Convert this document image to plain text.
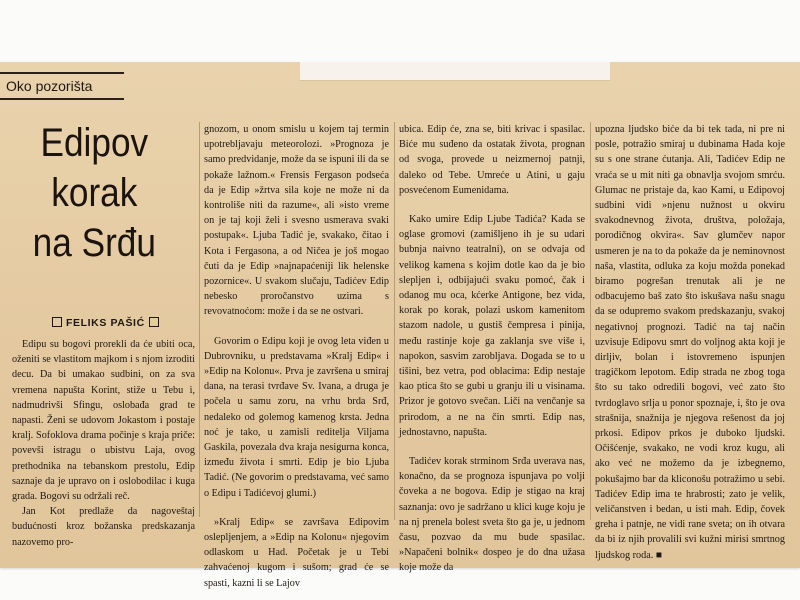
Oko pozorišta
Edipov
korak
na Srđu
FELIKS PAŠIĆ

Edipu su bogovi prorekli da će ubiti oca, oženiti se vlastitom majkom i s njom izroditi decu. Da bi umakao sudbini, on za sva vremena napušta Korint, stiže u Tebu i, nadmudrivši Sfingu, oslobađa grad te napasti. Ženi se udovom Jokastom i postaje kralj. Sofoklova drama počinje s kraja priče: povevši istragu o ubistvu Laja, ovog prethodnika na tebanskom prestolu, Edip saznaje da je upravo on i oslobodilac i kuga grada. Bogovi su održali reč.

Jan Kot predlaže da nagoveštaj budućnosti kroz božanska predskazanja nazovemo pro-

gnozom, u onom smislu u kojem taj termin upotrebljavaju meteorolozi. »Prognoza je samo predvidanje, može da se ispuni ili da se pokaže lažnom.« Frensis Fergason podseća da je Edip »žrtva sila koje ne može ni da kontroliše niti da razume«, ali »isto vreme on je taj koji želi i svesno usmerava svaki postupak«. Ljuba Tadić je, svakako, čitao i Kota i Fergasona, a od Ničea je još mogao čuti da je Edip »najnapaćeniji lik helenske pozornice«. U svakom slučaju, Tadićev Edip nebesko proročanstvo uzima s revovatnoćom: može i da se ne ostvari.

Govorim o Edipu koji je ovog leta viđen u Dubrovniku, u predstavama »Kralj Edip« i »Edip na Kolonu«. Prva je završena u smiraj dana, na terasi tvrđave Sv. Ivana, a druga je počela u samu zoru, na vrhu brda Srđ, nedaleko od golemog kamenog krsta. Jedna noć je tako, u zamisli reditelja Viljama Gaskila, povezala dva kraja nesigurna konca, između života i smrti. Edip je bio Ljuba Tadić. (Ne govorim o predstavama, već samo o Edipu i Tadićevoj glumi.)

»Kralj Edip« se završava Edipovim oslepljenjem, a »Edip na Kolonu« njegovim odlaskom u Had. Početak je u Tebi zahvaćenoj kugom i sušom; grad će se spasti, kazni li se Lajov

ubica. Edip će, zna se, biti krivac i spasilac. Biće mu suđeno da ostatak života, prognan od svoga, provede u neizmernoj patnji, daleko od Tebe. Umreće u Atini, u gaju posvećenom Eumenidama.

Kako umire Edip Ljube Tadića? Kada se oglase gromovi (zamišljeno ih je su udari bubnja naivno teatralni), on se odvaja od velikog kamena s kojim dotle kao da je bio slepljen i, odbijajući svaku pomoć, čak i odanog mu oca, kćerke Antigone, bez vida, korak po korak, polazi uskom kamenitom stazom nadole, u gustiš čempresa i pinija, među rastinje koje ga zaklanja sve više i, napokon, sasvim zarobljava. Dogada se to u tišini, bez vetra, pod oblacima: Edip nestaje kao ptica što se gubi u granju ili u visinama. Prizor je gotovo svečan. Liči na venčanje sa prirodom, a ne na čin smrti. Edip nas, jednostavno, napušta.

Tadićev korak strminom Srđa uverava nas, konačno, da se prognoza ispunjava po volji čoveka a ne bogova. Edip je stigao na kraj saznanja: ovo je sadržano u klici kuge koju je na nj prenela bolest sveta što ga je, u jednom času, pozvao da mu bude spasilac. »Napačeni bolnik« dospeo je do dna užasa koje može da

upozna ljudsko biće da bi tek tada, ni pre ni posle, potražio smiraj u dubinama Hada koje su s one strane ćutanja. Ali, Tadićev Edip ne vraća se u mit niti ga obnavlja svojom smrću. Glumac ne pristaje da, kao Kami, u Edipovoj sudbini vidi »njenu nužnost u okviru svakodnevnog života, društva, položaja, porodičnog okvira«. Sav glumčev napor usmeren je na to da pokaže da je neminovnost naša, vlastita, odluka za koju možda ponekad biramo pogrešan trenutak ali je ne odbacujemo baš zato što iskušava našu snagu da se odupremo svakom predskazanju, svakoj negativnoj prognozi. Tadić na taj način uzvisuje Edipovu smrt do voljnog akta koji je dirljiv, bolan i istovremeno ispunjen tragičkom lepotom. Edip strada ne zbog toga što su tako odredili bogovi, već zato što tvrdoglavo srlja u ponor spoznaje, i, što je ova strašnija, snažnija je njegova rešenost da joj prkosi. Edipov prkos je duboko ljudski. Očišćenje, svakako, ne vodi kroz kugu, ali ako već ne možemo da je izbegnemo, pokušajmo bar da kliconošu potražimo u sebi. Tadićev Edip ima te hrabrosti; zato je velik, veličanstven i bedan, u isti mah. Edip, čovek greha i patnje, ne vidi rane sveta; on ih otvara da bi iz njih provalili svi kužni mirisi smrtnog ljudskog roda. ■
